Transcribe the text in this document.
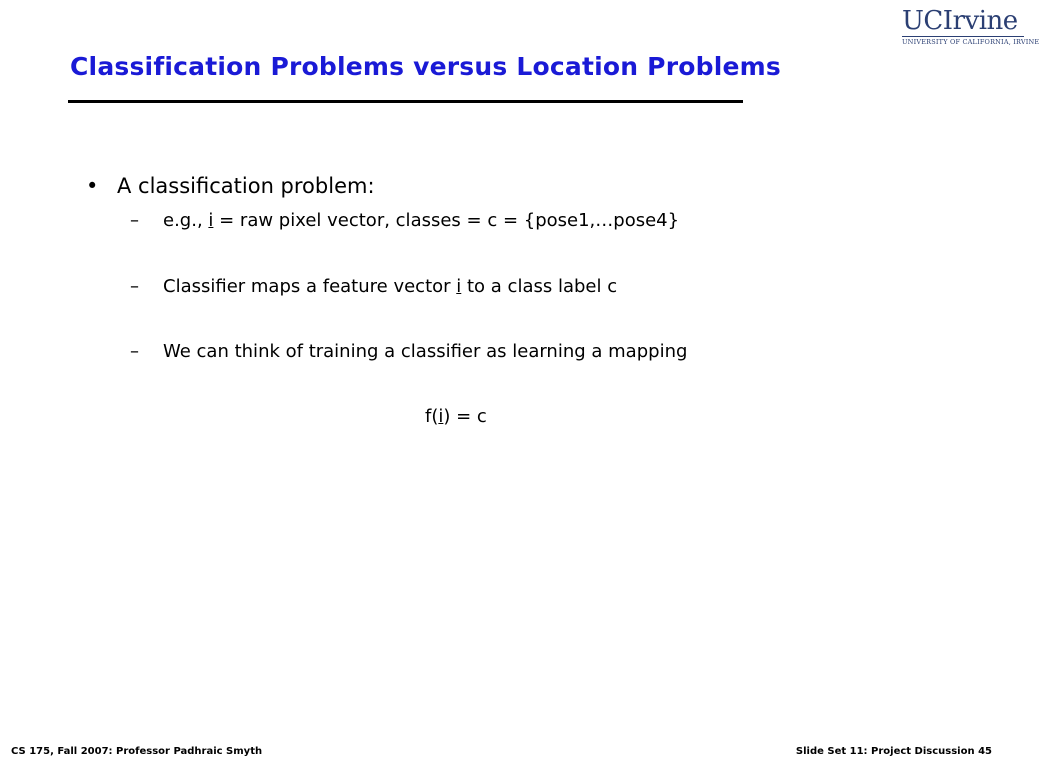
Classification Problems versus Location Problems
UCIrvine
UNIVERSITY OF CALIFORNIA, IRVINE
• A classification problem:
– e.g., i = raw pixel vector, classes = c = {pose1,…pose4}
– Classifier maps a feature vector i to a class label c
– We can think of training a classifier as learning a mapping
f(i) = c
CS 175, Fall 2007: Professor Padhraic Smyth	Slide Set 11: Project Discussion 45
